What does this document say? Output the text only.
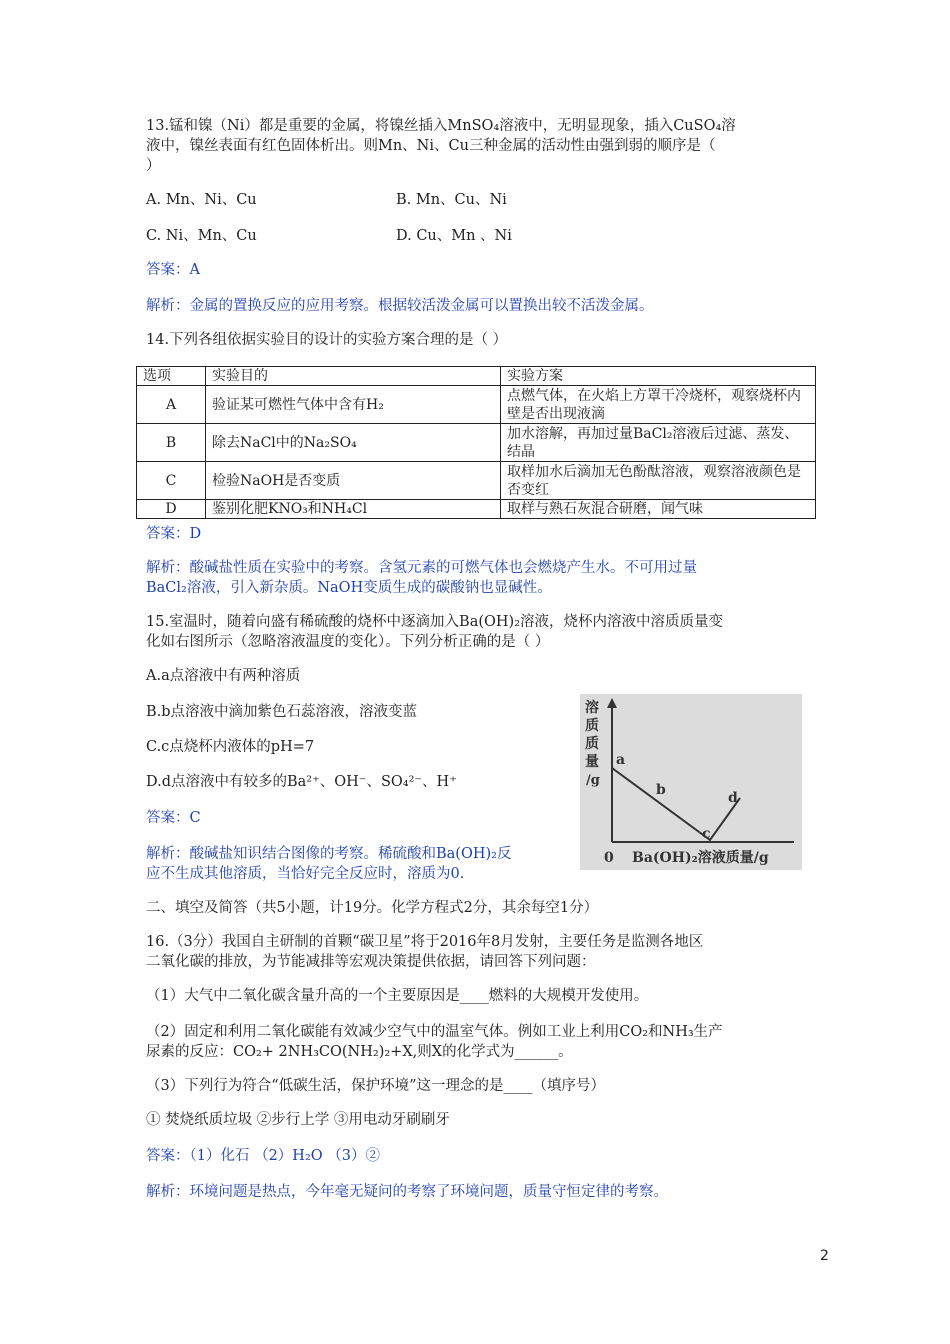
13.锰和镍（Ni）都是重要的金属，将镍丝插入MnSO₄溶液中，无明显现象，插入CuSO₄溶
液中，镍丝表面有红色固体析出。则Mn、Ni、Cu三种金属的活动性由强到弱的顺序是（
）
A. Mn、Ni、Cu	B. Mn、Cu、Ni
C. Ni、Mn、Cu	D. Cu、Mn 、Ni
答案：A
解析：金属的置换反应的应用考察。根据较活泼金属可以置换出较不活泼金属。
14.下列各组依据实验目的设计的实验方案合理的是（ ）
选项	实验目的	实验方案
A	验证某可燃性气体中含有H₂	点燃气体，在火焰上方罩干冷烧杯，观察烧杯内壁是否出现液滴
B	除去NaCl中的Na₂SO₄	加水溶解，再加过量BaCl₂溶液后过滤、蒸发、结晶
C	检验NaOH是否变质	取样加水后滴加无色酚酞溶液，观察溶液颜色是否变红
D	鉴别化肥KNO₃和NH₄Cl	取样与熟石灰混合研磨，闻气味
答案：D
解析：酸碱盐性质在实验中的考察。含氢元素的可燃气体也会燃烧产生水。不可用过量
BaCl₂溶液，引入新杂质。NaOH变质生成的碳酸钠也显碱性。
15.室温时，随着向盛有稀硫酸的烧杯中逐滴加入Ba(OH)₂溶液，烧杯内溶液中溶质质量变
化如右图所示（忽略溶液温度的变化）。下列分析正确的是（ ）
A.a点溶液中有两种溶质
B.b点溶液中滴加紫色石蕊溶液，溶液变蓝
C.c点烧杯内液体的pH=7
D.d点溶液中有较多的Ba²⁺、OH⁻、SO₄²⁻、H⁺
答案：C
解析：酸碱盐知识结合图像的考察。稀硫酸和Ba(OH)₂反
应不生成其他溶质，当恰好完全反应时，溶质为0.
溶
质
质
量
/g
a
b
c
d
0 Ba(OH)₂溶液质量/g
二、填空及简答（共5小题，计19分。化学方程式2分，其余每空1分）
16.（3分）我国自主研制的首颗“碳卫星”将于2016年8月发射，主要任务是监测各地区
二氧化碳的排放，为节能减排等宏观决策提供依据，请回答下列问题：
（1）大气中二氧化碳含量升高的一个主要原因是____燃料的大规模开发使用。
（2）固定和利用二氧化碳能有效减少空气中的温室气体。例如工业上利用CO₂和NH₃生产
尿素的反应：CO₂+ 2NH₃CO(NH₂)₂+X,则X的化学式为______。
（3）下列行为符合“低碳生活，保护环境”这一理念的是____（填序号）
① 焚烧纸质垃圾 ②步行上学 ③用电动牙刷刷牙
答案：（1）化石 （2）H₂O （3）②
解析：环境问题是热点，今年毫无疑问的考察了环境问题，质量守恒定律的考察。
2
